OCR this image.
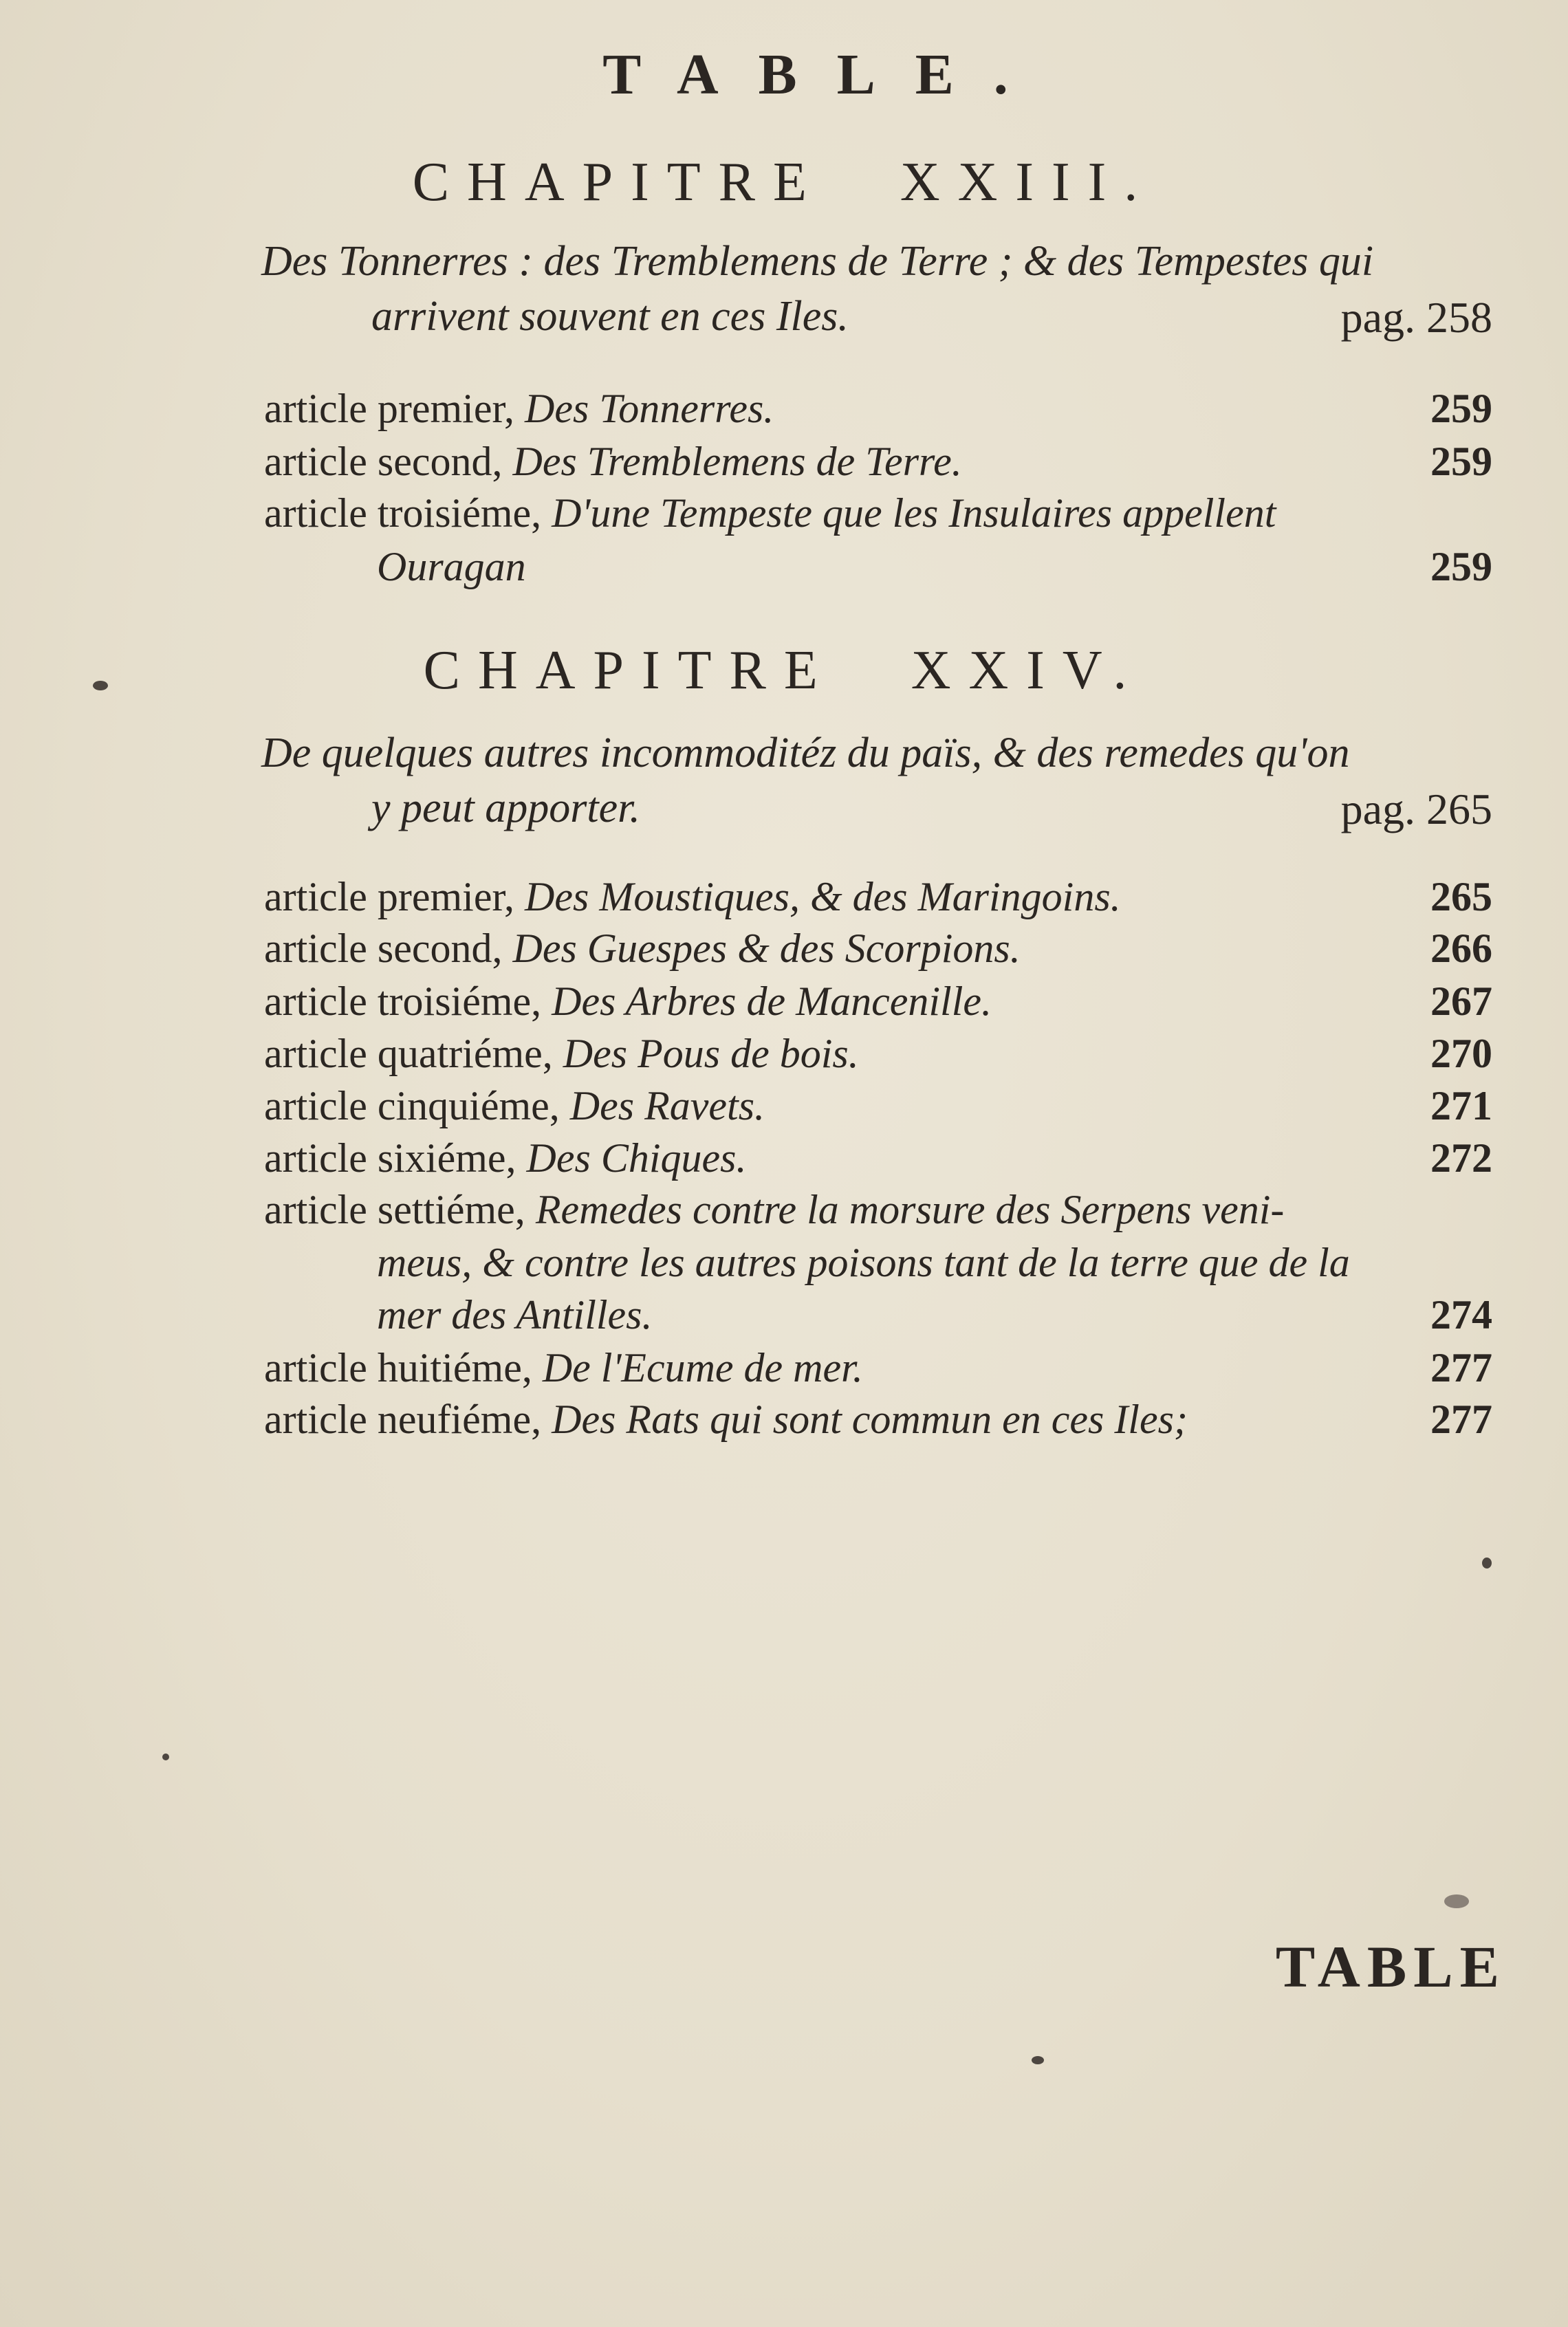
TABLE.
CHAPITRE XXIII.
Des Tonnerres : des Tremblemens de Terre ; & des Tempestes qui
arrivent souvent en ces Iles.	pag. 258
article premier, Des Tonnerres.	259
article second, Des Tremblemens de Terre.	259
article troisiéme, D'une Tempeste que les Insulaires appellent
Ouragan	259
CHAPITRE XXIV.
De quelques autres incommoditéz du païs, & des remedes qu'on
y peut apporter.	pag. 265
article premier, Des Moustiques, & des Maringoins.	265
article second, Des Guespes & des Scorpions.	266
article troisiéme, Des Arbres de Mancenille.	267
article quatriéme, Des Pous de bois.	270
article cinquiéme, Des Ravets.	271
article sixiéme, Des Chiques.	272
article settiéme, Remedes contre la morsure des Serpens veni-
meus, & contre les autres poisons tant de la terre que de la
mer des Antilles.	274
article huitiéme, De l'Ecume de mer.	277
article neufiéme, Des Rats qui sont commun en ces Iles;	277
TABLE
